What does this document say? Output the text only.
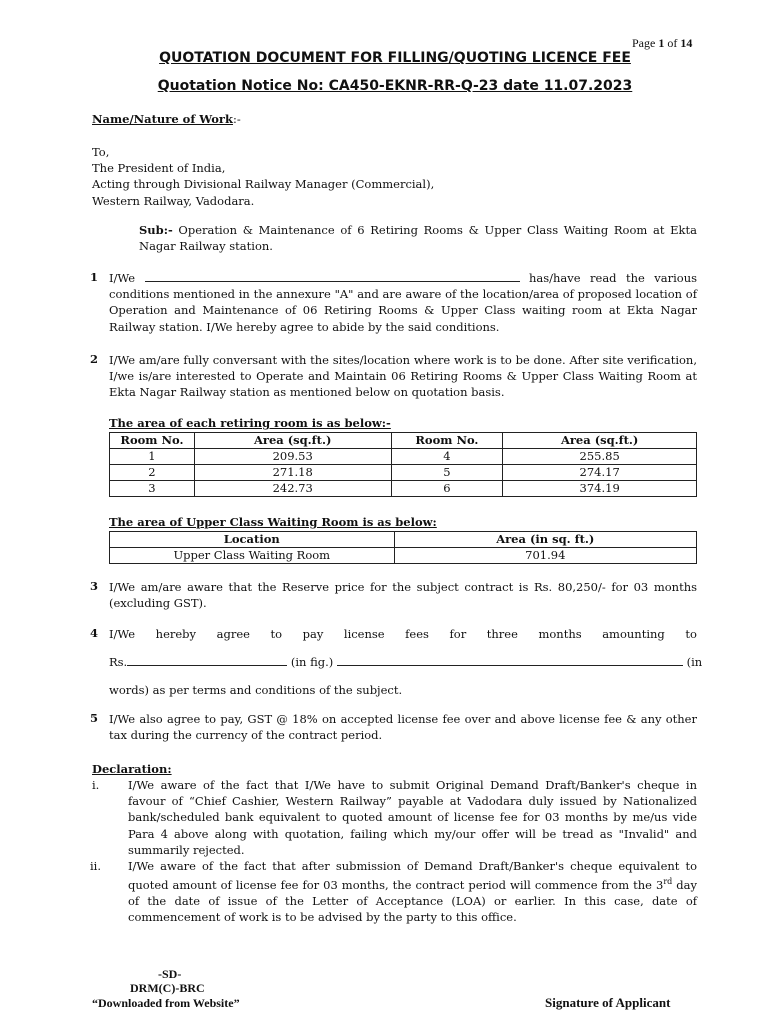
Page 1 of 14
QUOTATION DOCUMENT FOR FILLING/QUOTING LICENCE FEE
Quotation Notice No: CA450-EKNR-RR-Q-23 date 11.07.2023
Name/Nature of Work:-
To,
The President of India,
Acting through Divisional Railway Manager (Commercial),
Western Railway, Vadodara.
Sub:- Operation & Maintenance of 6 Retiring Rooms & Upper Class Waiting Room at Ekta Nagar Railway station.
1 I/We	has/have read the various conditions mentioned in the annexure "A" and are aware of the location/area of proposed location of Operation and Maintenance of 06 Retiring Rooms & Upper Class waiting room at Ekta Nagar Railway station. I/We hereby agree to abide by the said conditions.
2 I/We am/are fully conversant with the sites/location where work is to be done. After site verification, I/we is/are interested to Operate and Maintain 06 Retiring Rooms & Upper Class Waiting Room at Ekta Nagar Railway station as mentioned below on quotation basis.
The area of each retiring room is as below:-
Room No.	Area (sq.ft.)	Room No.	Area (sq.ft.)
1	209.53	4	255.85
2	271.18	5	274.17
3	242.73	6	374.19
The area of Upper Class Waiting Room is as below:
Location	Area (in sq. ft.)
Upper Class Waiting Room	701.94
3 I/We am/are aware that the Reserve price for the subject contract is Rs. 80,250/- for 03 months (excluding GST).
4 I/We hereby agree to pay license fees for three months amounting to
Rs.	(in fig.)	(in
words) as per terms and conditions of the subject.
5 I/We also agree to pay, GST @ 18% on accepted license fee over and above license fee & any other tax during the currency of the contract period.
Declaration:
i. I/We aware of the fact that I/We have to submit Original Demand Draft/Banker's cheque in favour of “Chief Cashier, Western Railway” payable at Vadodara duly issued by Nationalized bank/scheduled bank equivalent to quoted amount of license fee for 03 months by me/us vide Para 4 above along with quotation, failing which my/our offer will be tread as "Invalid" and summarily rejected.
ii. I/We aware of the fact that after submission of Demand Draft/Banker's cheque equivalent to quoted amount of license fee for 03 months, the contract period will commence from the 3rd day of the date of issue of the Letter of Acceptance (LOA) or earlier. In this case, date of commencement of work is to be advised by the party to this office.
-SD-
DRM(C)-BRC
“Downloaded from Website”	Signature of Applicant
